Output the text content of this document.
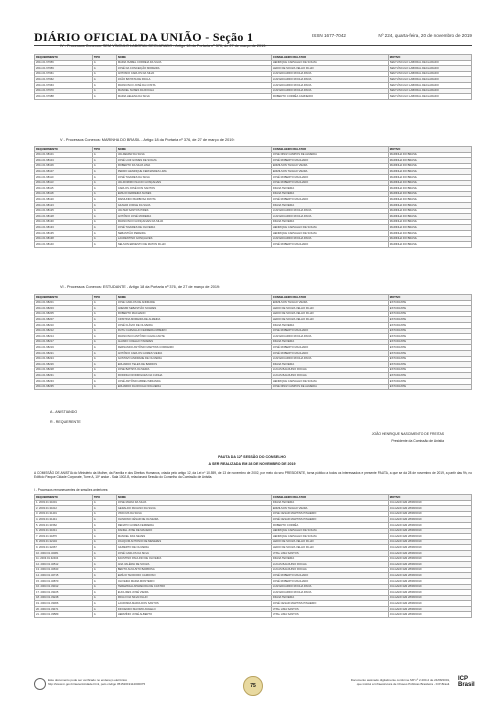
DIÁRIO OFICIAL DA UNIÃO - Seção 1	ISSN 1677-7042	Nº 224, quarta-feira, 20 de novembro de 2019
IV - Processos Conexos: SEM VÍNCULO LABORAL DECLARADO - Artigo 18 da Portaria nº 376, de 27 de março de 2019:
REQUERIMENTO	TIPO	NOME	CONSELHEIRO RELATOR	MOTIVO
2011.01.67956	A	MARIA ISABEL CORREIA DA SILVA	HENRIQUE CARVALHO DE SOUZA	SEM VÍNCULO LABORAL DECLARADO
2011.01.67959	A	JOSÉ DA CONCEIÇÃO MOREIRA	LEDIO DE SOUZA VELHO FILHO	SEM VÍNCULO LABORAL DECLARADO
2011.01.67961	A	ANTÔNIO CARLOS DA SILVA	LUIZ EDUARDO ROCHA PAIVA	SEM VÍNCULO LABORAL DECLARADO
2011.01.67962	A	JOÃO BATISTA DE PAULA	LUIZ EDUARDO ROCHA PAIVA	SEM VÍNCULO LABORAL DECLARADO
2011.01.67963	A	FRANCISCO JOSÉ DA COSTA	LUIZ EDUARDO ROCHA PAIVA	SEM VÍNCULO LABORAL DECLARADO
2011.01.67970	A	MANOEL NUNES DA ROCHA	LUIZ EDUARDO ROCHA PAIVA	SEM VÍNCULO LABORAL DECLARADO
2011.01.67988	A	MARIA HELENA DA SILVA	ROBERTO CORRÊA CARNEIRO	SEM VÍNCULO LABORAL DECLARADO
V - Processos Conexos: MARINHA DO BRASIL - Artigo 18 da Portaria nº 376, de 27 de março de 2019:
REQUERIMENTO	TIPO	NOME	CONSELHEIRO RELATOR	MOTIVO
2011.01.68101	A	VALDEMAR DA SILVA	JOSÉ DINIZ CAMPOS DE ALMEIDA	MARINHA DO BRASIL
2011.01.68104	A	JOSÉ LUIZ GOMES DE SOUZA	JOSÉ ROBERTO MACHADO	MARINHA DO BRASIL
2011.01.68106	A	ROBERTO DA SILVA LIMA	EDMILSON THIAGO VIEIRA	MARINHA DO BRASIL
2011.01.68107	A	PEDRO HENRIQUE FERNANDES LIMA	EDMILSON THIAGO VIEIRA	MARINHA DO BRASIL
2011.01.68110	A	JOSÉ TAVARES DA SILVA	JOSÉ ROBERTO MACHADO	MARINHA DO BRASIL
2011.01.68113	A	VALDOMIRO INÁCIO GONÇALVES	JOSÉ ROBERTO MACHADO	MARINHA DO BRASIL
2011.01.68115	A	CARLOS JOSÉ DOS SANTOS	DIGNA TEIXEIRA	MARINHA DO BRASIL
2011.01.68118	A	EMÍLIO FERREIRA NUNES	DIGNA TEIXEIRA	MARINHA DO BRASIL
2011.01.68120	A	RAIMUNDO BARBOSA FROTA	JOSÉ ROBERTO MACHADO	MARINHA DO BRASIL
2011.01.68123	A	GILMAR JORGE DA SILVA	DIGNA TEIXEIRA	MARINHA DO BRASIL
2011.01.68125	A	VALTER SANTOS PIRES	LUIZ EDUARDO ROCHA PAIVA	MARINHA DO BRASIL
2011.01.68128	A	ANTÔNIO JOSÉ MOREIRA	LUIZ EDUARDO ROCHA PAIVA	MARINHA DO BRASIL
2011.01.68130	A	FRANCISCO GONÇALVES DA SILVA	DIGNA TEIXEIRA	MARINHA DO BRASIL
2011.01.68133	A	JOSÉ TAVARES DE OLIVEIRA	HENRIQUE CARVALHO DE SOUZA	MARINHA DO BRASIL
2011.01.68135	A	SEBASTIÃO PEREIRA	HENRIQUE CARVALHO DE SOUZA	MARINHA DO BRASIL
2011.01.68138	A	LAURENTINO GONÇALVES	LUIZ EDUARDO ROCHA PAIVA	MARINHA DO BRASIL
2011.01.68140	A	NELSON ERNESTO DE MATOS FILHO	JOSÉ ROBERTO MACHADO	MARINHA DO BRASIL
VI - Processos Conexos: ESTUDANTE - Artigo 18 da Portaria nº 376, de 27 de março de 2019:
REQUERIMENTO	TIPO	NOME	CONSELHEIRO RELATOR	MOTIVO
2011.01.68201	A	JOSÉ CARLOS DE ANDRADE	EDMILSON THIAGO VIEIRA	ESTUDANTE
2011.01.68203	A	ADEMIR SEBASTIÃO SOARES	LEDIO DE SOUZA VELHO FILHO	ESTUDANTE
2011.01.68205	A	ROBERTO MACHADO	LEDIO DE SOUZA VELHO FILHO	ESTUDANTE
2011.01.68207	A	CRISTINA MOREIRA DE ALMEIDA	LEDIO DE SOUZA VELHO FILHO	ESTUDANTE
2011.01.68210	A	JOSÉ FLÁVIO DE OLIVEIRA	DIGNA TEIXEIRA	ESTUDANTE
2011.01.68212	A	RUTH CARVALHO FERREIRA RIBEIRO	JOSÉ ROBERTO MACHADO	ESTUDANTE
2011.01.68214	A	FRANCISCO ANTÔNIO CAVALCANTE	LUIZ EDUARDO ROCHA PAIVA	ESTUDANTE
2011.01.68217	A	ÁLVARO COELHO TAVARES	DIGNA TEIXEIRA	ESTUDANTE
2011.01.68219	A	FERNANDO ANTÔNIO MARTINS CORDEIRO	JOSÉ ROBERTO MACHADO	ESTUDANTE
2011.01.68221	A	ANTÔNIO CARLOS GOMES VIEIRA	JOSÉ ROBERTO MACHADO	ESTUDANTE
2011.01.68224	A	GUSTAVO ANDRADE DE OLIVEIRA	LUIZ EDUARDO ROCHA PAIVA	ESTUDANTE
2011.01.68226	A	EDUARDO TELES DE BARROS	DIGNA TEIXEIRA	ESTUDANTE
2011.01.68228	A	JOSÉ BATISTA OLIVEIRA	LUCAS BALDUINO ROCHA	ESTUDANTE
2011.01.68231	A	RODRIGO RODRIGUES DA CUNHA	LUCAS BALDUINO ROCHA	ESTUDANTE
2011.01.68233	A	JOSÉ ANTÔNIO ABREU MIRANDA	HENRIQUE CARVALHO DE SOUZA	ESTUDANTE
2011.01.68235	A	EDUARDO DA ROCHA NOGUEIRA	JOSÉ DINIZ CAMPOS DE ALMEIDA	ESTUDANTE
A - ANISTIANDO
R - REQUERENTE
JOÃO HENRIQUE NASCIMENTO DE FREITAS
Presidente da Comissão de Anistia
PAUTA DA 12ª SESSÃO DO CONSELHO
A SER REALIZADA EM 28 DE NOVEMBRO DE 2019
A COMISSÃO DE ANISTIA do Ministério da Mulher, da Família e dos Direitos Humanos, criada pelo artigo 12, da Lei nº 10.559, de 13 de novembro de 2002, por meio do seu PRESIDENTE, torna público a todos os interessados e presente PAUTA, a que se dá 28 de novembro de 2019, a partir das 9h, no Edifício Parque Cidade Corporate, Torre A, 10º andar - Sala 1002-B, relacionará Sessão do Conselho da Comissão de Anistia.
I - Processos remanescentes de sessões anteriores:
REQUERIMENTO	TIPO	NOME	CONSELHEIRO RELATOR	MOTIVO
1. 2003.01.31001	A	JOSÉ MARIA DA SILVA	DIGNA TEIXEIRA	JULGADO EM 28/08/2019
2. 2003.01.31012	A	GERALDO PAULINO DA SILVA	EDMILSON THIAGO VIEIRA	JULGADO EM 28/08/2019
3. 2003.01.31401	A	VINÍCIUS DA SILVA	JOSÉ CESAR MARTINS PINHEIRO	JULGADO EM 28/08/2019
4. 2003.01.31441	A	OLINDINO CÉSAR DE OLIVEIRA	JOSÉ CESAR MARTINS PINHEIRO	JULGADO EM 28/08/2019
5. 2003.01.31562	A	RENATO GOMES FERREIRA	ROBERTO CORRÊA	JULGADO EM 28/08/2019
6. 2003.01.31641	A	DANIEL JOSÉ DE MACEDO	HENRIQUE CARVALHO DE SOUZA	JULGADO EM 28/08/2019
7. 2003.01.31876	A	MANOEL DAS NEVES	HENRIQUE CARVALHO DE SOUZA	JULGADO EM 28/08/2019
8. 2003.01.32104	A	JOAQUIM ANTÔNIO DE MENEZES	LEDIO DE SOUZA VELHO FILHO	JULGADO EM 28/08/2019
9. 2003.01.32267	A	GILBERTO DE OLIVEIRA	LEDIO DE SOUZA VELHO FILHO	JULGADO EM 28/08/2019
10. 2003.01.32381	A	JOSÉ CARLOS DA SILVA	VITAL LIMA SANTOS	JULGADO EM 28/08/2019
11. 2003.01.32404	A	FAUSTINO PAULINO DE OLIVEIRA	DIGNA TEIXEIRA	JULGADO EM 28/08/2019
12. 2003.01.32512	A	ANA VALÉRIA DE SOUZA	LUCAS BALDUINO ROCHA	JULGADO EM 28/08/2019
13. 2003.01.32633	A	BENTO AUGUSTO BARBOSA	LUCAS BALDUINO ROCHA	JULGADO EM 28/08/2019
14. 2003.01.32715	A	EMÍLIO TEODORO CARDOSO	JOSÉ ROBERTO MACHADO	JULGADO EM 28/08/2019
15. 2003.01.32870	A	OLIVEIRA MARIA MONTEIRO	JOSÉ ROBERTO MACHADO	JULGADO EM 28/08/2019
16. 2003.01.33012	A	TEREZINHA APARECIDA DE CASTRO	LUIZ EDUARDO ROCHA PAIVA	JULGADO EM 28/08/2019
17. 2003.01.33105	A	EUCLIDES JOSÉ VIEIRA	LUIZ EDUARDO ROCHA PAIVA	JULGADO EM 28/08/2019
18. 2003.01.33248	A	PAULO DA SILVA FILHO	DIGNA TEIXEIRA	JULGADO EM 28/08/2019
19. 2003.01.33366	A	LAURINDA MARIA DOS SANTOS	JOSÉ CESAR MARTINS PINHEIRO	JULGADO EM 28/08/2019
20. 2003.01.33471	A	DIOCENDO MAXIMO ANGELO	VITAL LIMA SANTOS	JULGADO EM 28/08/2019
21. 2003.01.33589	A	HERMÍNIO JOSÉ ALBERTO	VITAL LIMA SANTOS	JULGADO EM 28/08/2019
Este documento pode ser verificado no endereço eletrônico
http://www.in.gov.br/autenticidade.html, pelo código 05152019112000075	75
Documento assinado digitalmente conforme MP nº 2.200-2 de 24/08/2001,
que institui a Infraestrutura de Chaves Públicas Brasileira - ICP-Brasil.
ICP Brasil
